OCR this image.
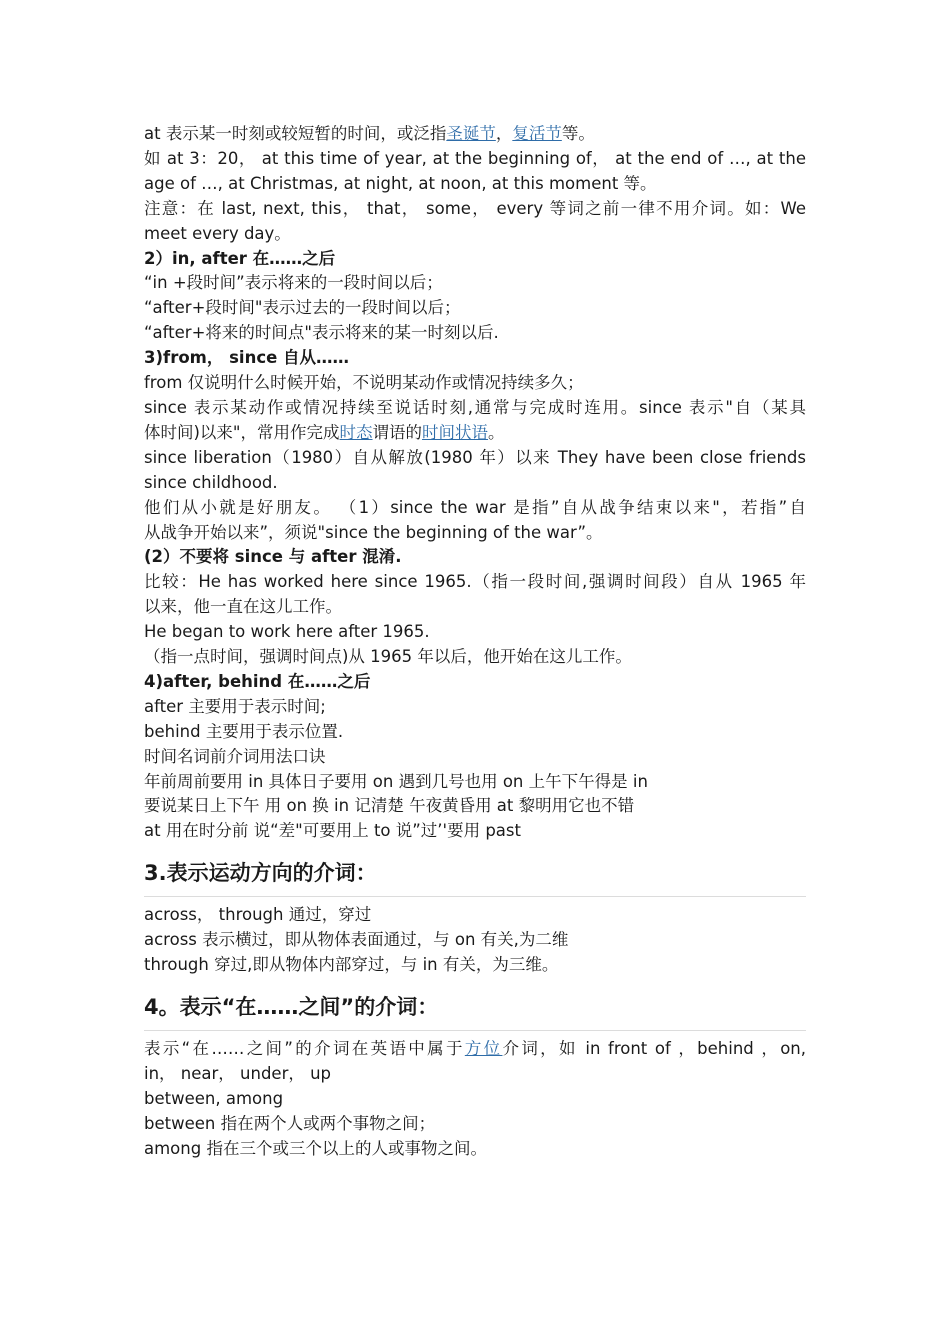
at 表示某一时刻或较短暂的时间，或泛指圣诞节，复活节等。
如 at 3：20， at this time of year, at the beginning of， at the end of …, at the
age of …, at Christmas, at night, at noon, at this moment 等。
注意：在 last, next, this， that， some， every 等词之前一律不用介词。如：We
meet every day。
2）in, after 在……之后
“in +段时间”表示将来的一段时间以后；
“after+段时间"表示过去的一段时间以后；
“after+将来的时间点"表示将来的某一时刻以后.
3)from， since 自从……
from 仅说明什么时候开始，不说明某动作或情况持续多久；
since 表示某动作或情况持续至说话时刻,通常与完成时连用。since 表示"自（某具
体时间)以来"，常用作完成时态谓语的时间状语。
since liberation（1980）自从解放(1980 年）以来 They have been close friends
since childhood.
他们从小就是好朋友。 （1）since the war 是指”自从战争结束以来"，若指”自
从战争开始以来”，须说"since the beginning of the war”。
(2）不要将 since 与 after 混淆.
比较：He has worked here since 1965.（指一段时间,强调时间段）自从 1965 年
以来，他一直在这儿工作。
He began to work here after 1965.
（指一点时间，强调时间点)从 1965 年以后，他开始在这儿工作。
4)after, behind 在……之后
after 主要用于表示时间;
behind 主要用于表示位置.
时间名词前介词用法口诀
年前周前要用 in 具体日子要用 on 遇到几号也用 on 上午下午得是 in
要说某日上下午 用 on 换 in 记清楚 午夜黄昏用 at 黎明用它也不错
at 用在时分前 说“差"可要用上 to 说”过’'要用 past
3.表示运动方向的介词：
across， through 通过，穿过
across 表示横过，即从物体表面通过，与 on 有关,为二维
through 穿过,即从物体内部穿过，与 in 有关，为三维。
4。表示“在……之间”的介词：
表示“在……之间”的介词在英语中属于方位介词，如 in front of ，behind ，on,
in， near， under， up
between, among
between 指在两个人或两个事物之间；
among 指在三个或三个以上的人或事物之间。
